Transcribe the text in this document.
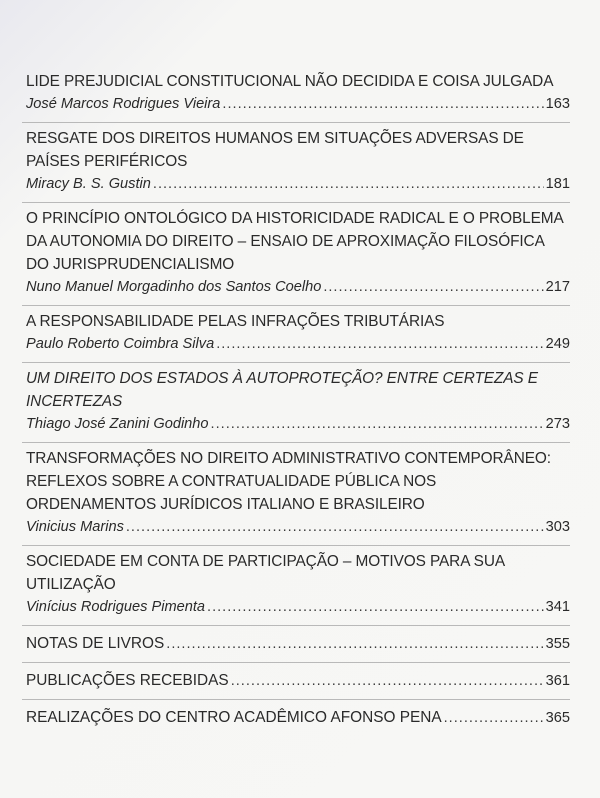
LIDE PREJUDICIAL CONSTITUCIONAL NÃO DECIDIDA E COISA JULGADA
José Marcos Rodrigues Vieira .....	163
RESGATE DOS DIREITOS HUMANOS EM SITUAÇÕES ADVERSAS DE PAÍSES PERIFÉRICOS
Miracy B. S. Gustin .....	181
O PRINCÍPIO ONTOLÓGICO DA HISTORICIDADE RADICAL E O PROBLEMA DA AUTONOMIA DO DIREITO – ENSAIO DE APROXIMAÇÃO FILOSÓFICA DO JURISPRUDENCIALISMO
Nuno Manuel Morgadinho dos Santos Coelho .....	217
A RESPONSABILIDADE PELAS INFRAÇÕES TRIBUTÁRIAS
Paulo Roberto Coimbra Silva .....	249
UM DIREITO DOS ESTADOS À AUTOPROTEÇÃO? ENTRE CERTEZAS E INCERTEZAS
Thiago José Zanini Godinho .....	273
TRANSFORMAÇÕES NO DIREITO ADMINISTRATIVO CONTEMPORÂNEO: REFLEXOS SOBRE A CONTRATUALIDADE PÚBLICA NOS ORDENAMENTOS JURÍDICOS ITALIANO E BRASILEIRO
Vinicius Marins .....	303
SOCIEDADE EM CONTA DE PARTICIPAÇÃO – MOTIVOS PARA SUA UTILIZAÇÃO
Vinícius Rodrigues Pimenta .....	341
NOTAS DE LIVROS .....	355
PUBLICAÇÕES RECEBIDAS .....	361
REALIZAÇÕES DO CENTRO ACADÊMICO AFONSO PENA .....	365
